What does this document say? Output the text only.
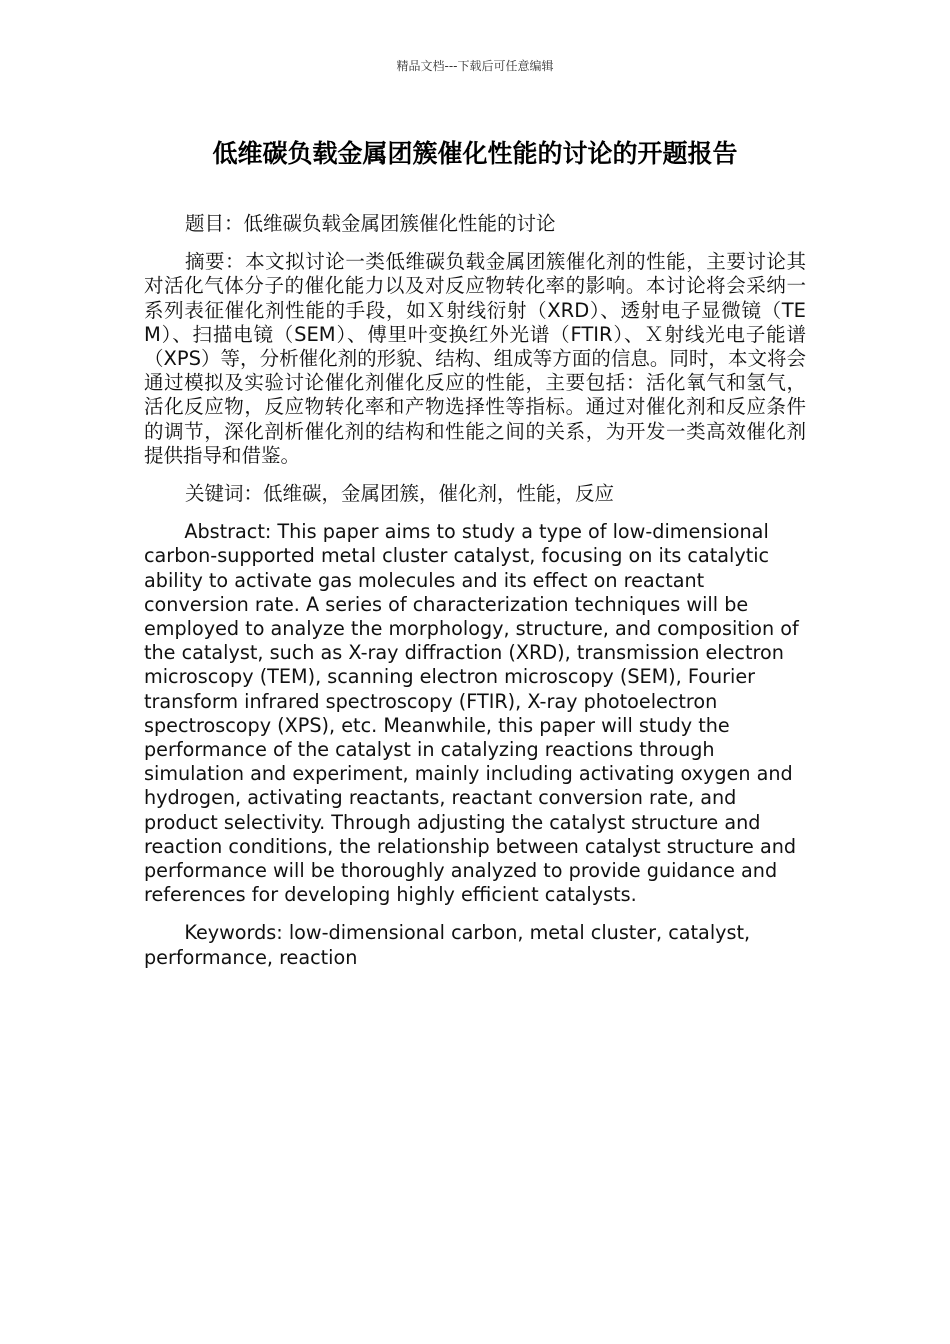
精品文档---下载后可任意编辑
低维碳负载金属团簇催化性能的讨论的开题报告

题目：低维碳负载金属团簇催化性能的讨论

摘要：本文拟讨论一类低维碳负载金属团簇催化剂的性能，主要讨论其对活化气体分子的催化能力以及对反应物转化率的影响。本讨论将会采纳一系列表征催化剂性能的手段，如Ｘ射线衍射（XRD）、透射电子显微镜（TEM）、扫描电镜（SEM）、傅里叶变换红外光谱（FTIR）、Ｘ射线光电子能谱（XPS）等，分析催化剂的形貌、结构、组成等方面的信息。同时，本文将会通过模拟及实验讨论催化剂催化反应的性能，主要包括：活化氧气和氢气，活化反应物，反应物转化率和产物选择性等指标。通过对催化剂和反应条件的调节，深化剖析催化剂的结构和性能之间的关系，为开发一类高效催化剂提供指导和借鉴。

关键词：低维碳，金属团簇，催化剂，性能，反应

Abstract: This paper aims to study a type of low-dimensional carbon-supported metal cluster catalyst, focusing on its catalytic ability to activate gas molecules and its effect on reactant conversion rate. A series of characterization techniques will be employed to analyze the morphology, structure, and composition of the catalyst, such as X-ray diffraction (XRD), transmission electron microscopy (TEM), scanning electron microscopy (SEM), Fourier transform infrared spectroscopy (FTIR), X-ray photoelectron spectroscopy (XPS), etc. Meanwhile, this paper will study the performance of the catalyst in catalyzing reactions through simulation and experiment, mainly including activating oxygen and hydrogen, activating reactants, reactant conversion rate, and product selectivity. Through adjusting the catalyst structure and reaction conditions, the relationship between catalyst structure and performance will be thoroughly analyzed to provide guidance and references for developing highly efficient catalysts.

Keywords: low-dimensional carbon, metal cluster, catalyst, performance, reaction
